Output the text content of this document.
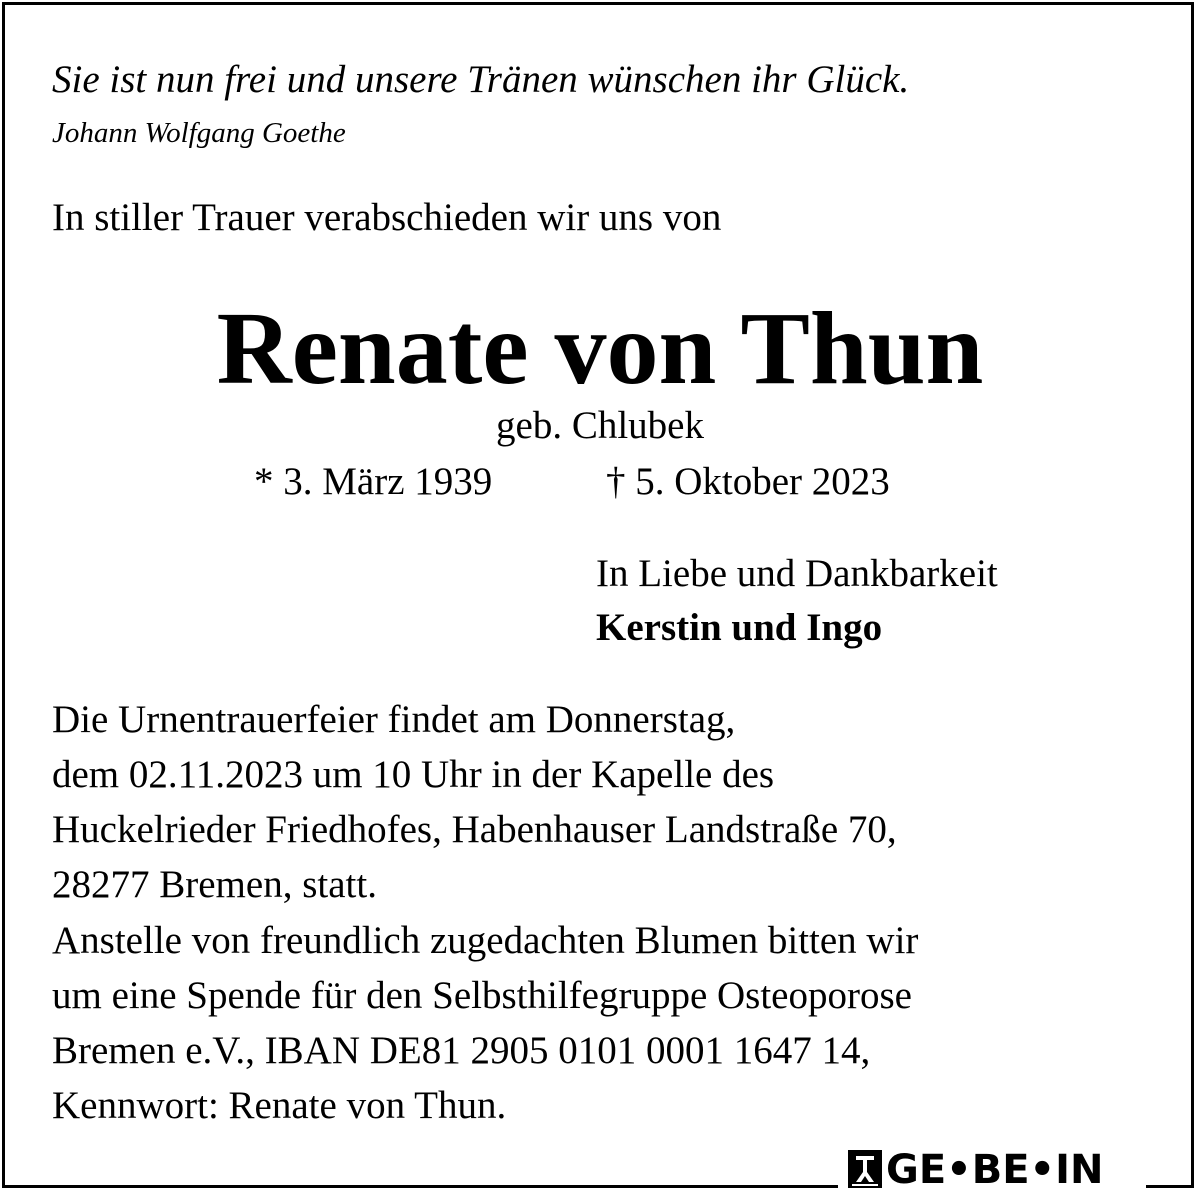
Sie ist nun frei und unsere Tränen wünschen ihr Glück.
Johann Wolfgang Goethe
In stiller Trauer verabschieden wir uns von
Renate von Thun
geb. Chlubek
* 3. März 1939	† 5. Oktober 2023
In Liebe und Dankbarkeit
Kerstin und Ingo
Die Urnentrauerfeier findet am Donnerstag,
dem 02.11.2023 um 10 Uhr in der Kapelle des
Huckelrieder Friedhofes, Habenhauser Landstraße 70,
28277 Bremen, statt.
Anstelle von freundlich zugedachten Blumen bitten wir
um eine Spende für den Selbsthilfegruppe Osteoporose
Bremen e.V., IBAN DE81 2905 0101 0001 1647 14,
Kennwort: Renate von Thun.
GE•BE•IN
